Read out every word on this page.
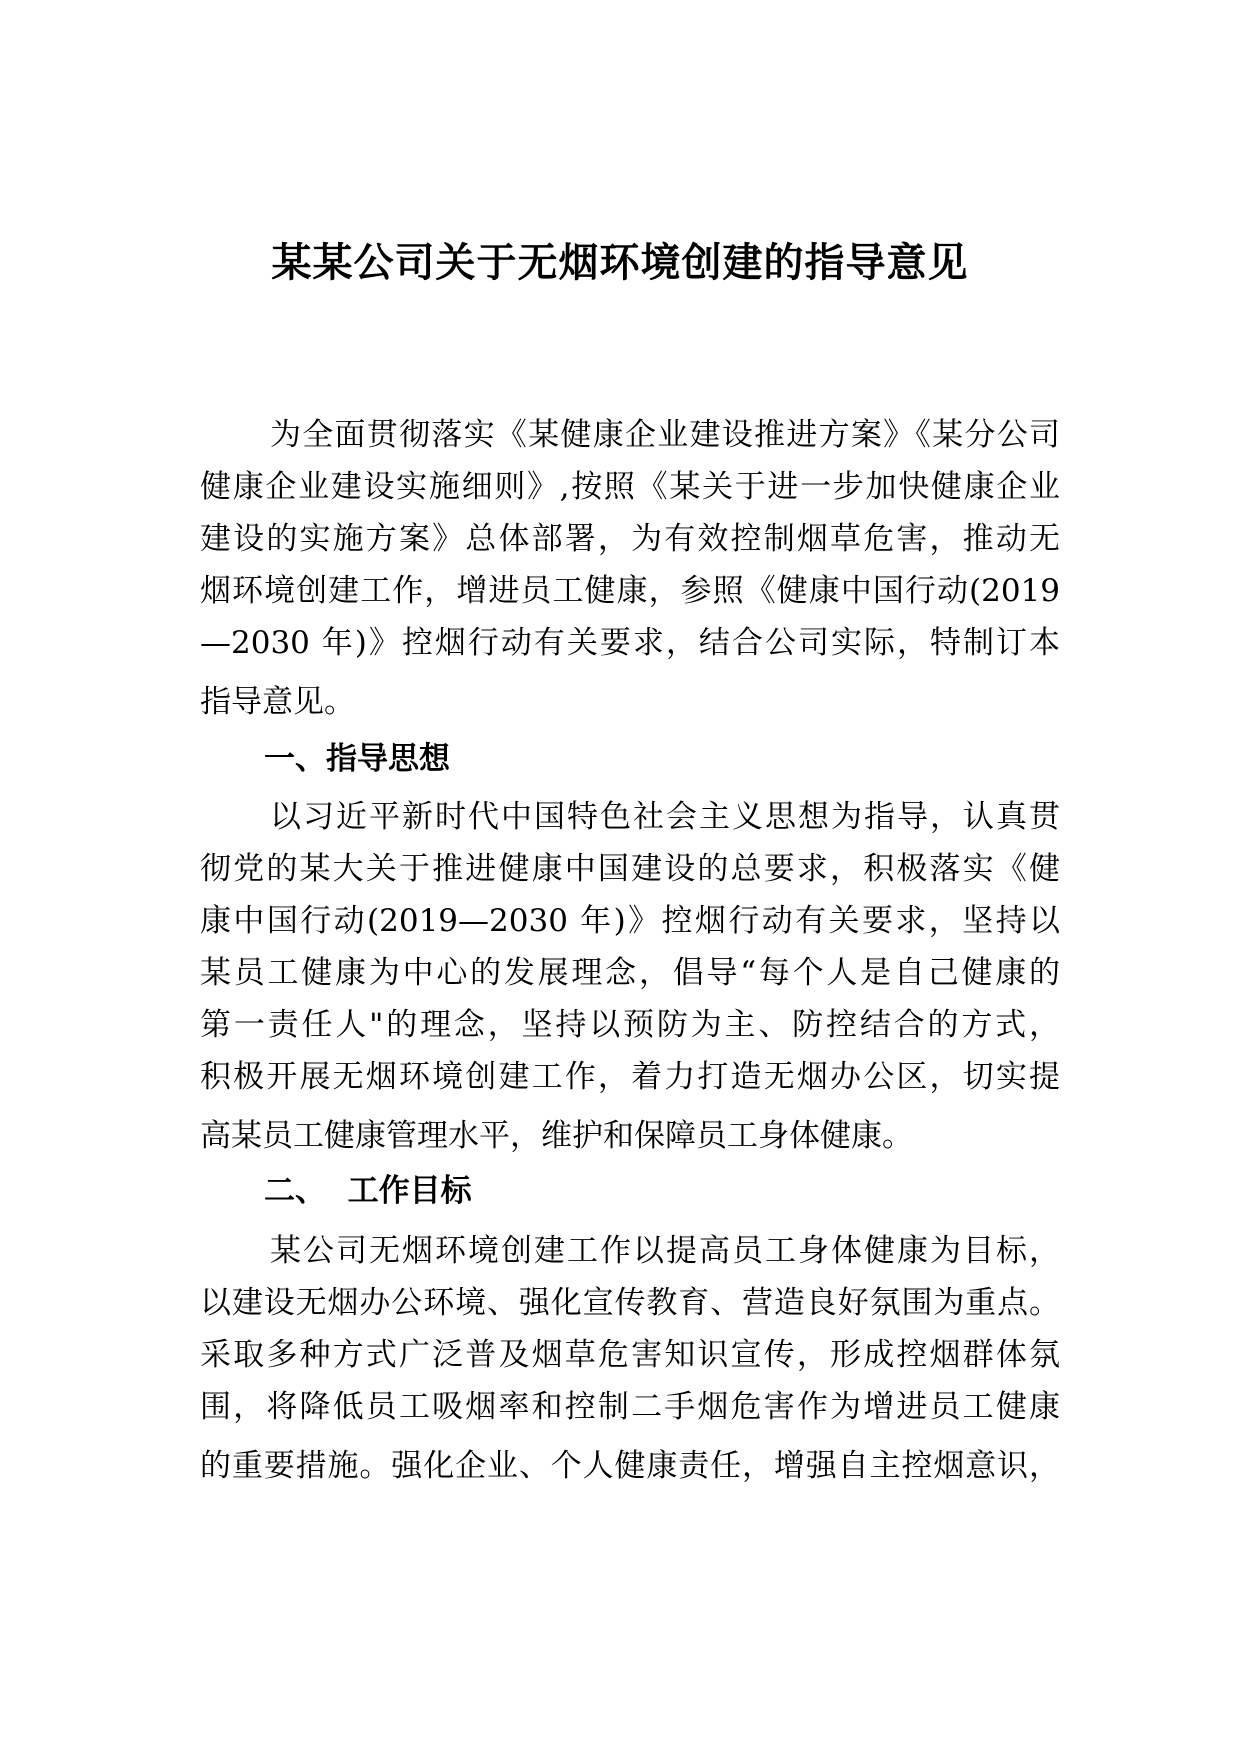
某某公司关于无烟环境创建的指导意见
为全面贯彻落实《某健康企业建设推进方案》《某分公司
健康企业建设实施细则》,按照《某关于进一步加快健康企业
建设的实施方案》总体部署，为有效控制烟草危害，推动无
烟环境创建工作，增进员工健康，参照《健康中国行动(2019
—2030 年)》控烟行动有关要求，结合公司实际，特制订本
指导意见。
一、指导思想
以习近平新时代中国特色社会主义思想为指导，认真贯
彻党的某大关于推进健康中国建设的总要求，积极落实《健
康中国行动(2019—2030 年)》控烟行动有关要求，坚持以
某员工健康为中心的发展理念，倡导“每个人是自己健康的
第一责任人"的理念，坚持以预防为主、防控结合的方式，
积极开展无烟环境创建工作，着力打造无烟办公区，切实提
高某员工健康管理水平，维护和保障员工身体健康。
二、  工作目标
某公司无烟环境创建工作以提高员工身体健康为目标，
以建设无烟办公环境、强化宣传教育、营造良好氛围为重点。
采取多种方式广泛普及烟草危害知识宣传，形成控烟群体氛
围，将降低员工吸烟率和控制二手烟危害作为增进员工健康
的重要措施。强化企业、个人健康责任，增强自主控烟意识，
